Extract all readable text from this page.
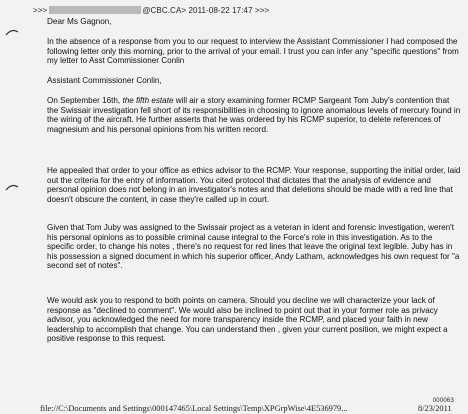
>>>	@CBC.CA> 2011-08-22 17:47 >>>
Dear Ms Gagnon,
In the absence of a response from you to our request to interview the Assistant Commissioner I had composed the following letter only this morning, prior to the arrival of your email. I trust you can infer any "specific questions" from my letter to Asst Commissioner Conlin
Assistant Commissioner Conlin,
On September 16th, the fifth estate will air a story examining former RCMP Sargeant Tom Juby's contention that the Swissair investigation fell short of its responsibilities in choosing to ignore anomalous levels of mercury found in the wiring of the aircraft. He further asserts that he was ordered by his RCMP superior, to delete references of magnesium and his personal opinions from his written record.
He appealed that order to your office as ethics advisor to the RCMP. Your response, supporting the initial order, laid out the criteria for the entry of information. You cited protocol that dictates that the analysis of evidence and personal opinion does not belong in an investigator's notes and that deletions should be made with a red line that doesn't obscure the content, in case they're called up in court.
Given that Tom Juby was assigned to the Swissair project as a veteran in ident and forensic investigation, weren't his personal opinions as to possible criminal cause integral to the Force's role in this investigation. As to the specific order, to change his notes , there's no request for red lines that leave the original text legible. Juby has in his possession a signed document in which his superior officer, Andy Latham, acknowledges his own request for "a second set of notes".
We would ask you to respond to both points on camera. Should you decline we will characterize your lack of response as "declined to comment". We would also be inclined to point out that in your former role as privacy advisor, you acknowledged the need for more transparency inside the RCMP, and placed your faith in new leadership to accomplish that change. You can understand then , given your current position, we might expect a positive response to this request.
000063
file://C:\Documents and Settings\000147465\Local Settings\Temp\XPGrpWise\4E536979...	8/23/2011
